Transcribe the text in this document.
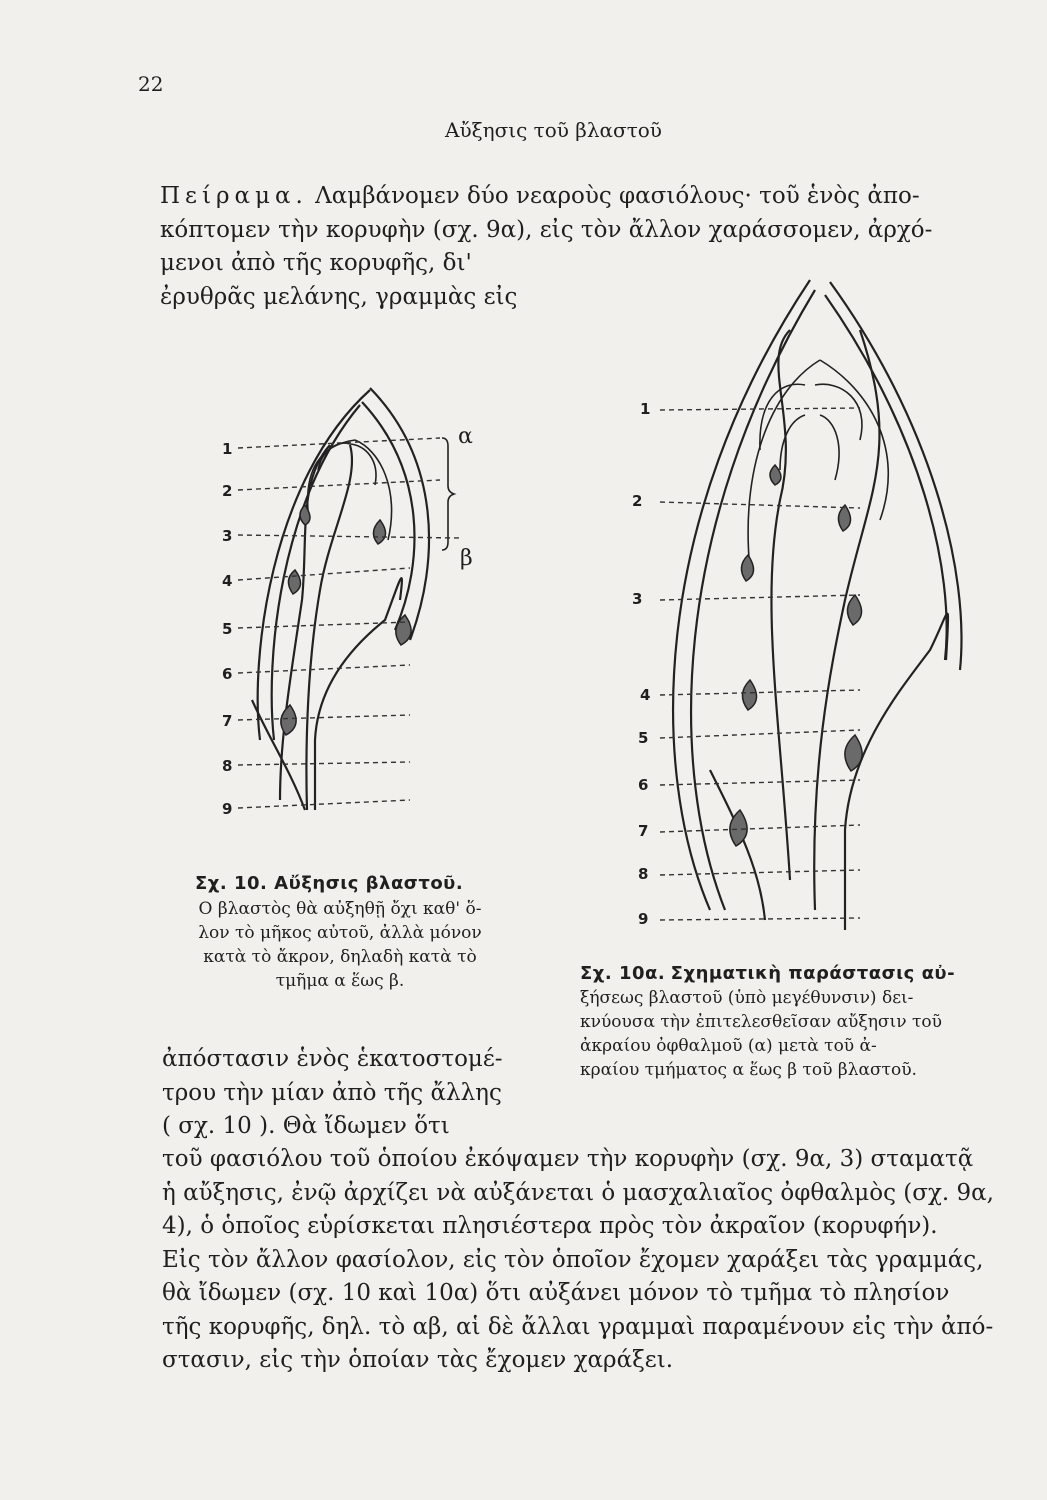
22
Αὔξησις τοῦ βλαστοῦ
Πείραμα. Λαμβάνομεν δύο νεαροὺς φασιόλους· τοῦ ἑνὸς ἀπο-
κόπτομεν τὴν κορυφὴν (σχ. 9α), εἰς τὸν ἄλλον χαράσσομεν, ἀρχό-
μενοι ἀπὸ τῆς κορυφῆς, δι'
ἐρυθρᾶς μελάνης, γραμμὰς εἰς
1
2
3
4
5
6
7
8
9
α
β
Σχ. 10. Αὔξησις βλαστοῦ.
Ο βλαστὸς θὰ αὐξηθῇ ὄχι καθ' ὅ-
λον τὸ μῆκος αὐτοῦ, ἀλλὰ μόνον
κατὰ τὸ ἄκρον, δηλαδὴ κατὰ τὸ
τμῆμα α ἕως β.
1
2
3
4
5
6
7
8
9
Σχ. 10α. Σχηματικὴ παράστασις αὐ-
ξήσεως βλαστοῦ (ὑπὸ μεγέθυνσιν) δει-
κνύουσα τὴν ἐπιτελεσθεῖσαν αὔξησιν τοῦ
ἀκραίου ὀφθαλμοῦ (α) μετὰ τοῦ ἀ-
κραίου τμήματος α ἕως β τοῦ βλαστοῦ.
ἀπόστασιν ἑνὸς ἑκατοστομέ-
τρου τὴν μίαν ἀπὸ τῆς ἄλλης
( σχ. 10 ). Θὰ ἴδωμεν ὅτι
τοῦ φασιόλου τοῦ ὁποίου ἐκόψαμεν τὴν κορυφὴν (σχ. 9α, 3) σταματᾷ
ἡ αὔξησις, ἐνῷ ἀρχίζει νὰ αὐξάνεται ὁ μασχαλιαῖος ὀφθαλμὸς (σχ. 9α,
4), ὁ ὁποῖος εὑρίσκεται πλησιέστερα πρὸς τὸν ἀκραῖον (κορυφήν).
Εἰς τὸν ἄλλον φασίολον, εἰς τὸν ὁποῖον ἔχομεν χαράξει τὰς γραμμάς,
θὰ ἴδωμεν (σχ. 10 καὶ 10α) ὅτι αὐξάνει μόνον τὸ τμῆμα τὸ πλησίον
τῆς κορυφῆς, δηλ. τὸ αβ, αἱ δὲ ἄλλαι γραμμαὶ παραμένουν εἰς τὴν ἀπό-
στασιν, εἰς τὴν ὁποίαν τὰς ἔχομεν χαράξει.
